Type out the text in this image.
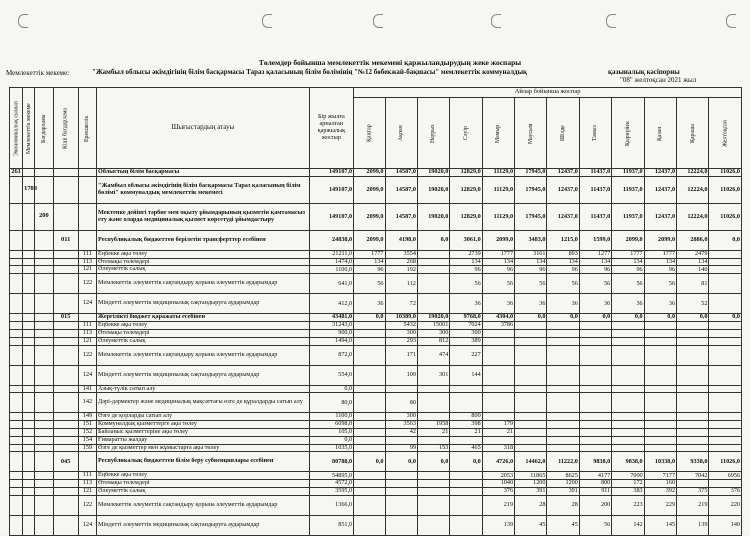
Төлемдер бойынша мемлекеттік мекемені қаржыландырудың жеке жоспары
Мемлекеттік мекеме:	"Жамбыл облысы әкімдігінің білім басқармасы Тараз қаласының білім бөлімінің "№12 бөбекжай-бақшасы" мемлекеттік коммуналдық	қазыналық кәсіпорны
"08" желтоқсан 2021 жыл
Экономикалық сынып	Мемлекеттік мекеме	Бағдарлама	Кіші бағдарлама	Ерекшелік	Шығыстардың атауы	Бір жылға арналған қаржылық жоспар	Айлар бойынша жоспар											
							Қаңтар	Ақпан	Наурыз	Сәуір	Мамыр	Маусым	Шілде	Тамыз	Қыркүйек	Қазан	Қараша	Желтоқсан
261					Облыстың білім басқармасы	149107,0	2099,0	14587,0	19020,0	12829,0	11129,0	17945,0	12437,0	11437,0	11937,0	12437,0	12224,0	11026,0
	1788				"Жамбыл облысы әкімдігінің білім басқармасы Тараз қаласының білім бөлімі" коммуналдық мемлекеттік мекемесі	149107,0	2099,0	14587,0	19020,0	12829,0	11129,0	17945,0	12437,0	11437,0	11937,0	12437,0	12224,0	11026,0
		200			Мектепке дейінгі тәрбие мен оқыту ұйымдарының қызметін қамтамасыз ету және оларда медициналық қызмет көрсетуді ұйымдастыру	149107,0	2099,0	14587,0	19020,0	12829,0	11129,0	17945,0	12437,0	11437,0	11937,0	12437,0	12224,0	11026,0
			011		Республикалық бюджеттен берілетін трансферттер есебінен	24838,0	2099,0	4198,0	0,0	3061,0	2099,0	3483,0	1215,0	1599,0	2099,0	2099,0	2886,0	0,0
				111	Еңбекке ақы төлеу	21211,0	1777	3554		2739	1777	3161	893	1277	1777	1777	2479	
				113	Өтемақы төлемдері	1474,0	134	268		134	134	134	134	134	134	134	134	
				121	Әлеуметтік салық	1100,0	96	192		96	96	96	96	96	96	96	140	
				122	Мемлекеттік әлеуметтік сақтандыру қорына әлеуметтік аударымдар	641,0	56	112		56	56	56	56	56	56	56	81	
				124	Міндетті әлеуметтік медициналық сақтандыруға аударымдар	412,0	36	72		36	36	36	36	36	36	36	52	
			015		Жергілікті бюджет қаражаты есебінен	43481,0	0,0	10389,0	19020,0	9768,0	4304,0	0,0	0,0	0,0	0,0	0,0	0,0	0,0
				111	Еңбекке ақы төлеу	31243,0		5432	15001	7024	3786							
				113	Өтемақы төлемдері	900,0		300	300	300								
				121	Әлеуметтік салық	1494,0		293	812	389								
				122	Мемлекеттік әлеуметтік сақтандыру қорына әлеуметтік аударымдар	872,0		171	474	227								
				124	Міндетті әлеуметтік медициналық сақтандыруға аударымдар	554,0		109	301	144								
				141	Азық-түлік сатып алу	0,0												
				142	Дәрі-дәрмектер және медициналық мақсаттағы өзге де құралдарды сатып алу	80,0		80										
				149	Өзге де қорларды сатып алу	1100,0		300		800								
				151	Коммуналдық қызметтерге ақы төлеу	6098,0		3563	1958	398	179							
				152	Байланыс қызметтеріне ақы төлеу	105,0		42	21	21	21							
				154	Ғимаратты жалдау	0,0												
				159	Өзге де қызметтер мен жұмыстарға ақы төлеу	1035,0		99	153	465	318							
			045		Республикалық бюджеттен білім беру субвенциялары есебінен	80788,0	0,0	0,0	0,0	0,0	4726,0	14462,0	11222,0	9838,0	9838,0	10338,0	9338,0	11026,0
				111	Еңбекке ақы төлеу	54895,0					2053	11865	8625	4177	7000	7177	7042	6956
				113	Өтемақы төлемдері	4572,0					1040	1200	1200	800	172	160		
				121	Әлеуметтік салық	3595,0					376	391	391	911	383	392	375	376
				122	Мемлекеттік әлеуметтік сақтандыру қорына әлеуметтік аударымдар	1366,0					219	28	28	200	223	229	219	220
				124	Міндетті әлеуметтік медициналық сақтандыруға аударымдар	851,0					139	45	45	56	142	145	139	140
